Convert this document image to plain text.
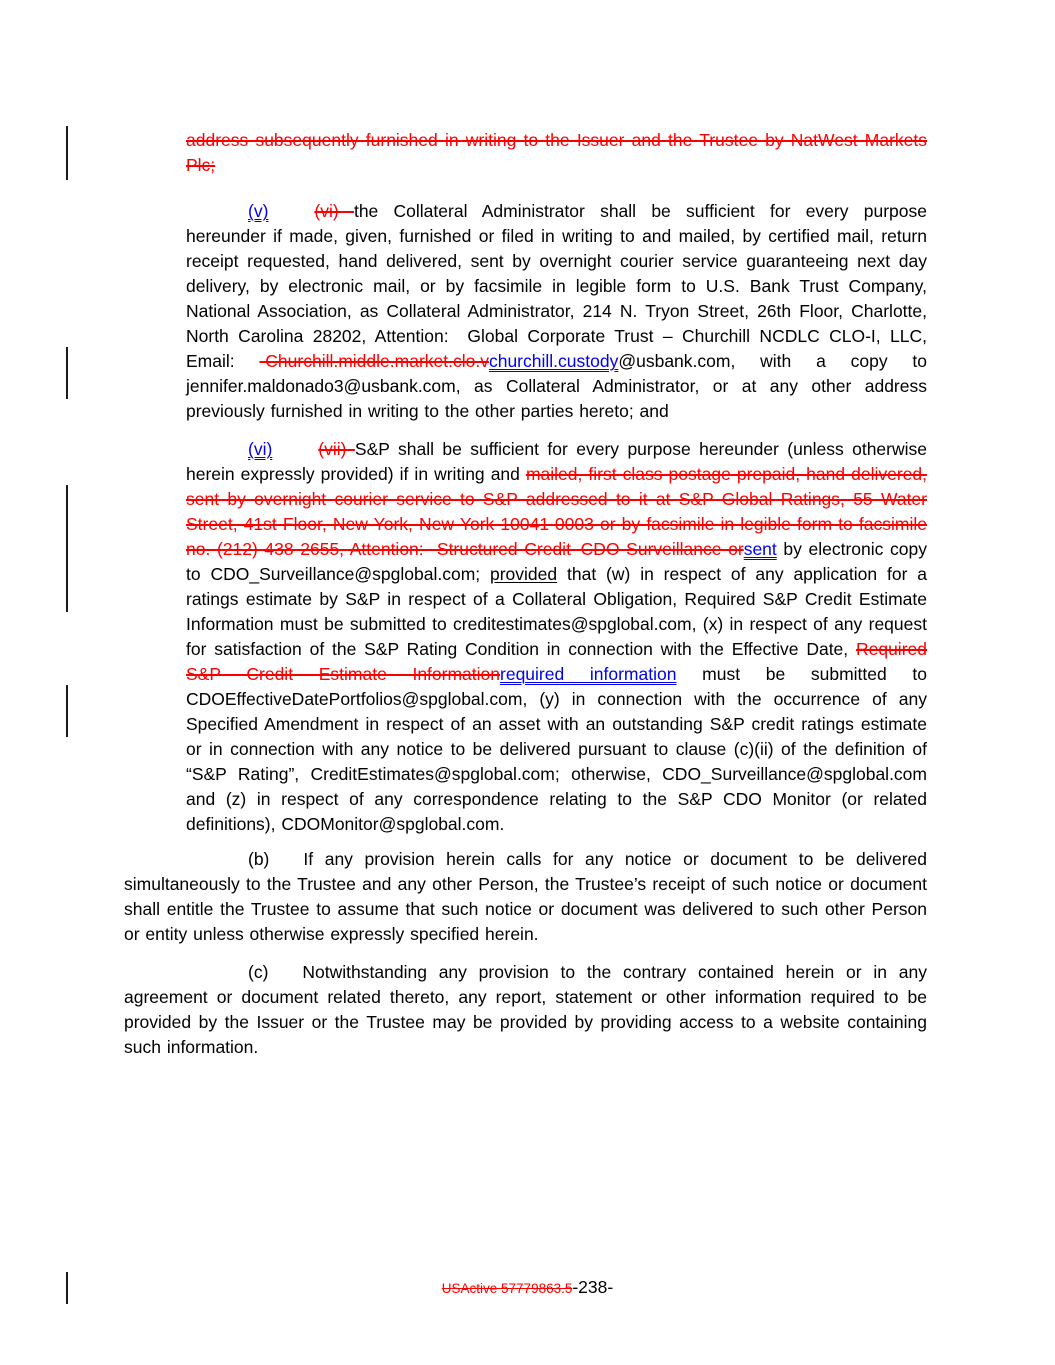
address subsequently furnished in writing to the Issuer and the Trustee by NatWest Markets Plc;

(v)	(vi) the Collateral Administrator shall be sufficient for every purpose hereunder if made, given, furnished or filed in writing to and mailed, by certified mail, return receipt requested, hand delivered, sent by overnight courier service guaranteeing next day delivery, by electronic mail, or by facsimile in legible form to U.S. Bank Trust Company, National Association, as Collateral Administrator, 214 N. Tryon Street, 26th Floor, Charlotte, North Carolina 28202, Attention:  Global Corporate Trust – Churchill NCDLC CLO-I, LLC, Email: -Churchill.middle.market.clo.vchurchill.custody@usbank.com, with a copy to jennifer.maldonado3@usbank.com, as Collateral Administrator, or at any other address previously furnished in writing to the other parties hereto; and

(vi)	(vii) S&P shall be sufficient for every purpose hereunder (unless otherwise herein expressly provided) if in writing and mailed, first class postage prepaid, hand delivered, sent by overnight courier service to S&P addressed to it at S&P Global Ratings, 55 Water Street, 41st Floor, New York, New York 10041-0003 or by facsimile in legible form to facsimile no. (212) 438 2655, Attention:  Structured Credit–CDO Surveillance orsent by electronic copy to CDO_Surveillance@spglobal.com; provided that (w) in respect of any application for a ratings estimate by S&P in respect of a Collateral Obligation, Required S&P Credit Estimate Information must be submitted to creditestimates@spglobal.com, (x) in respect of any request for satisfaction of the S&P Rating Condition in connection with the Effective Date, Required S&P Credit Estimate Informationrequired information must be submitted to CDOEffectiveDatePortfolios@spglobal.com, (y) in connection with the occurrence of any Specified Amendment in respect of an asset with an outstanding S&P credit ratings estimate or in connection with any notice to be delivered pursuant to clause (c)(ii) of the definition of “S&P Rating”, CreditEstimates@spglobal.com; otherwise, CDO_Surveillance@spglobal.com and (z) in respect of any correspondence relating to the S&P CDO Monitor (or related definitions), CDOMonitor@spglobal.com.

(b) If any provision herein calls for any notice or document to be delivered simultaneously to the Trustee and any other Person, the Trustee’s receipt of such notice or document shall entitle the Trustee to assume that such notice or document was delivered to such other Person or entity unless otherwise expressly specified herein.

(c) Notwithstanding any provision to the contrary contained herein or in any agreement or document related thereto, any report, statement or other information required to be provided by the Issuer or the Trustee may be provided by providing access to a website containing such information.

USActive 57779863.5-238-
